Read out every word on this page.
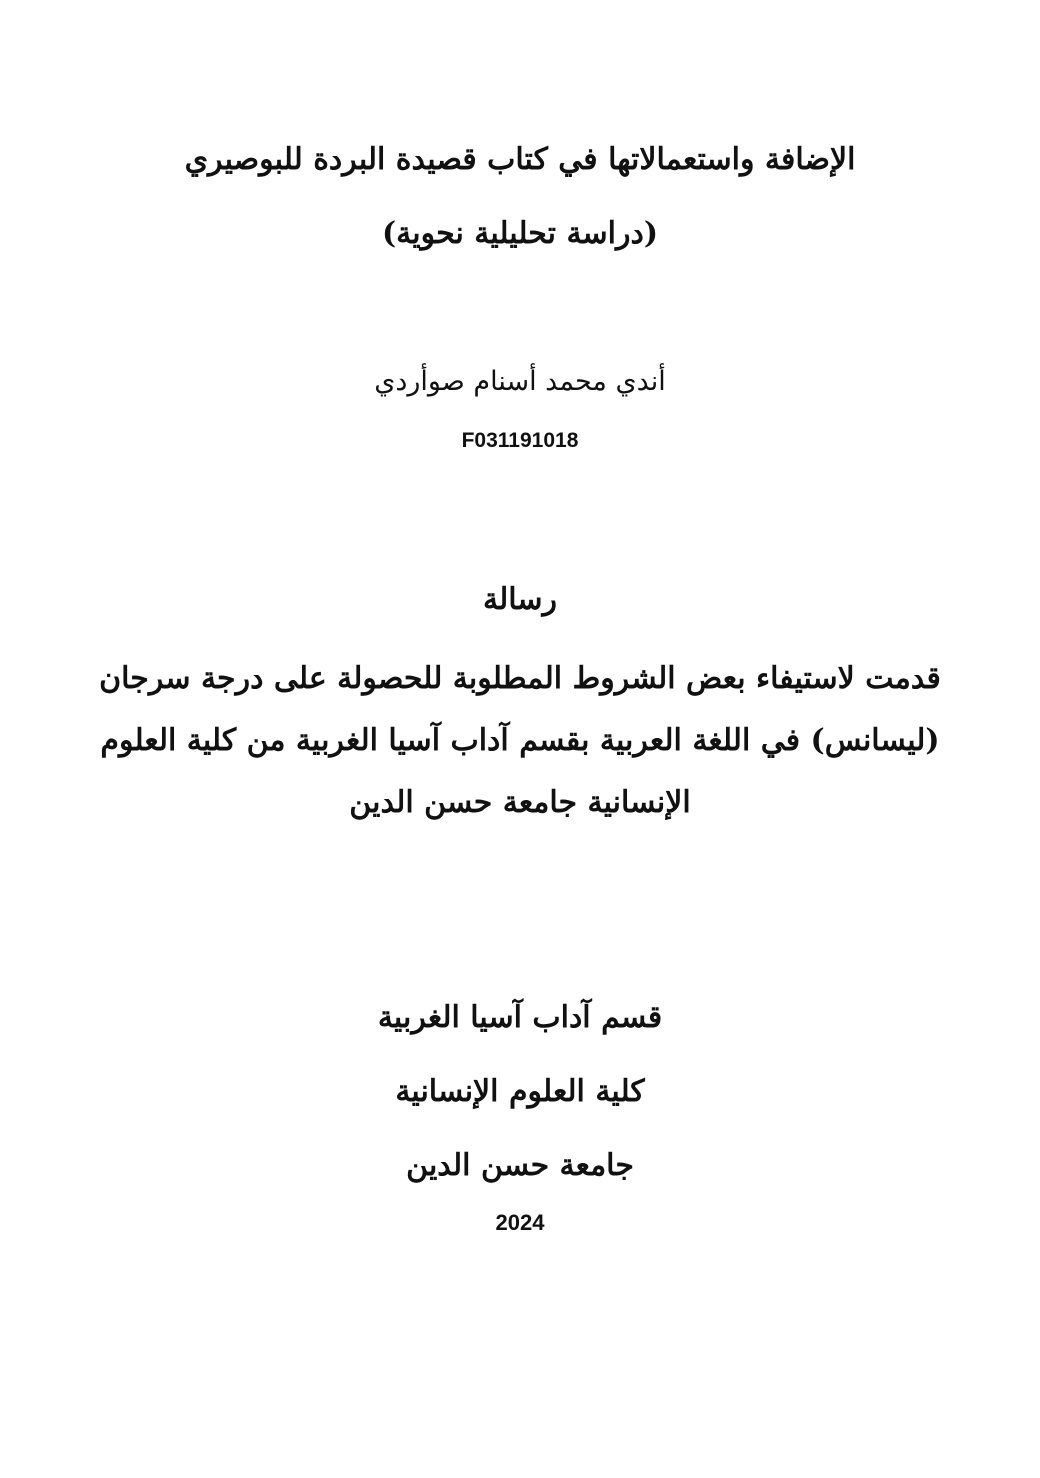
الإضافة واستعمالاتها في كتاب قصيدة البردة للبوصيري
(دراسة تحليلية نحوية)
أندي محمد أسنام صوأردي
F031191018
رسالة
قدمت لاستيفاء بعض الشروط المطلوبة للحصولة على درجة سرجان
(ليسانس) في اللغة العربية بقسم آداب آسيا الغربية من كلية العلوم
الإنسانية جامعة حسن الدين
قسم آداب آسيا الغربية
كلية العلوم الإنسانية
جامعة حسن الدين
2024
